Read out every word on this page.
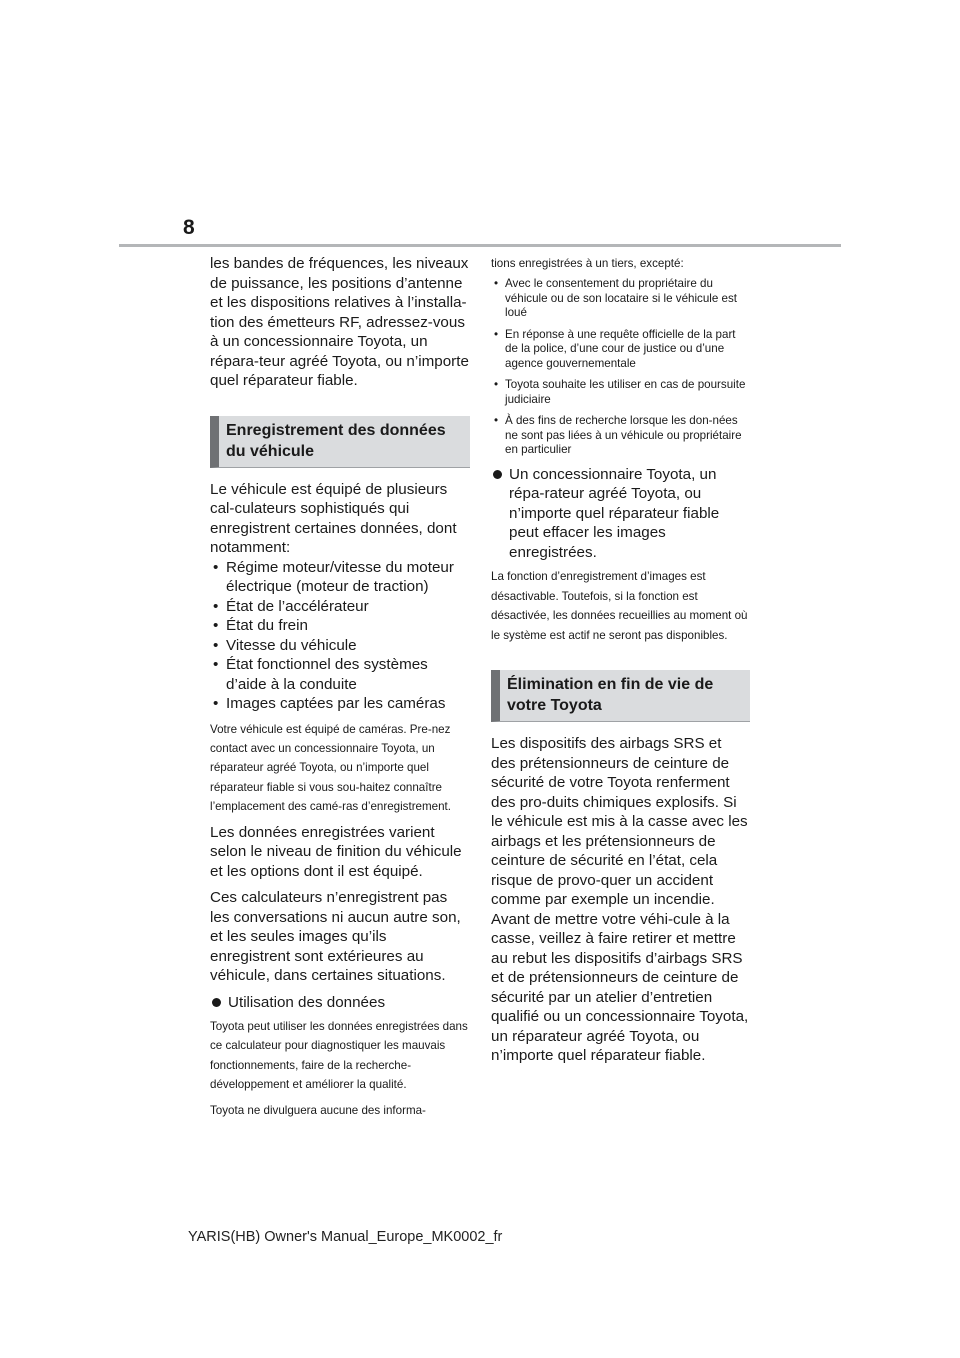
8

les bandes de fréquences, les niveaux de puissance, les positions d’antenne et les dispositions relatives à l’installa-tion des émetteurs RF, adressez-vous à un concessionnaire Toyota, un répara-teur agréé Toyota, ou n’importe quel réparateur fiable.

Enregistrement des données du véhicule

Le véhicule est équipé de plusieurs cal-culateurs sophistiqués qui enregistrent certaines données, dont notamment:

• Régime moteur/vitesse du moteur électrique (moteur de traction)
• État de l’accélérateur
• État du frein
• Vitesse du véhicule
• État fonctionnel des systèmes d’aide à la conduite
• Images captées par les caméras

Votre véhicule est équipé de caméras. Pre-nez contact avec un concessionnaire Toyota, un réparateur agréé Toyota, ou n’importe quel réparateur fiable si vous sou-haitez connaître l’emplacement des camé-ras d’enregistrement.

Les données enregistrées varient selon le niveau de finition du véhicule et les options dont il est équipé.

Ces calculateurs n’enregistrent pas les conversations ni aucun autre son, et les seules images qu’ils enregistrent sont extérieures au véhicule, dans certaines situations.

Utilisation des données

Toyota peut utiliser les données enregistrées dans ce calculateur pour diagnostiquer les mauvais fonctionnements, faire de la recherche-développement et améliorer la qualité.

Toyota ne divulguera aucune des informa-

tions enregistrées à un tiers, excepté:

• Avec le consentement du propriétaire du véhicule ou de son locataire si le véhicule est loué
• En réponse à une requête officielle de la part de la police, d’une cour de justice ou d’une agence gouvernementale
• Toyota souhaite les utiliser en cas de poursuite judiciaire
• À des fins de recherche lorsque les don-nées ne sont pas liées à un véhicule ou propriétaire en particulier
Un concessionnaire Toyota, un répa-rateur agréé Toyota, ou n’importe quel réparateur fiable peut effacer les images enregistrées.

La fonction d’enregistrement d’images est désactivable. Toutefois, si la fonction est désactivée, les données recueillies au moment où le système est actif ne seront pas disponibles.

Élimination en fin de vie de votre Toyota

Les dispositifs des airbags SRS et des prétensionneurs de ceinture de sécurité de votre Toyota renferment des pro-duits chimiques explosifs. Si le véhicule est mis à la casse avec les airbags et les prétensionneurs de ceinture de sécurité en l’état, cela risque de provo-quer un accident comme par exemple un incendie. Avant de mettre votre véhi-cule à la casse, veillez à faire retirer et mettre au rebut les dispositifs d’airbags SRS et de prétensionneurs de ceinture de sécurité par un atelier d’entretien qualifié ou un concessionnaire Toyota, un réparateur agréé Toyota, ou n’importe quel réparateur fiable.

YARIS(HB) Owner's Manual_Europe_MK0002_fr
